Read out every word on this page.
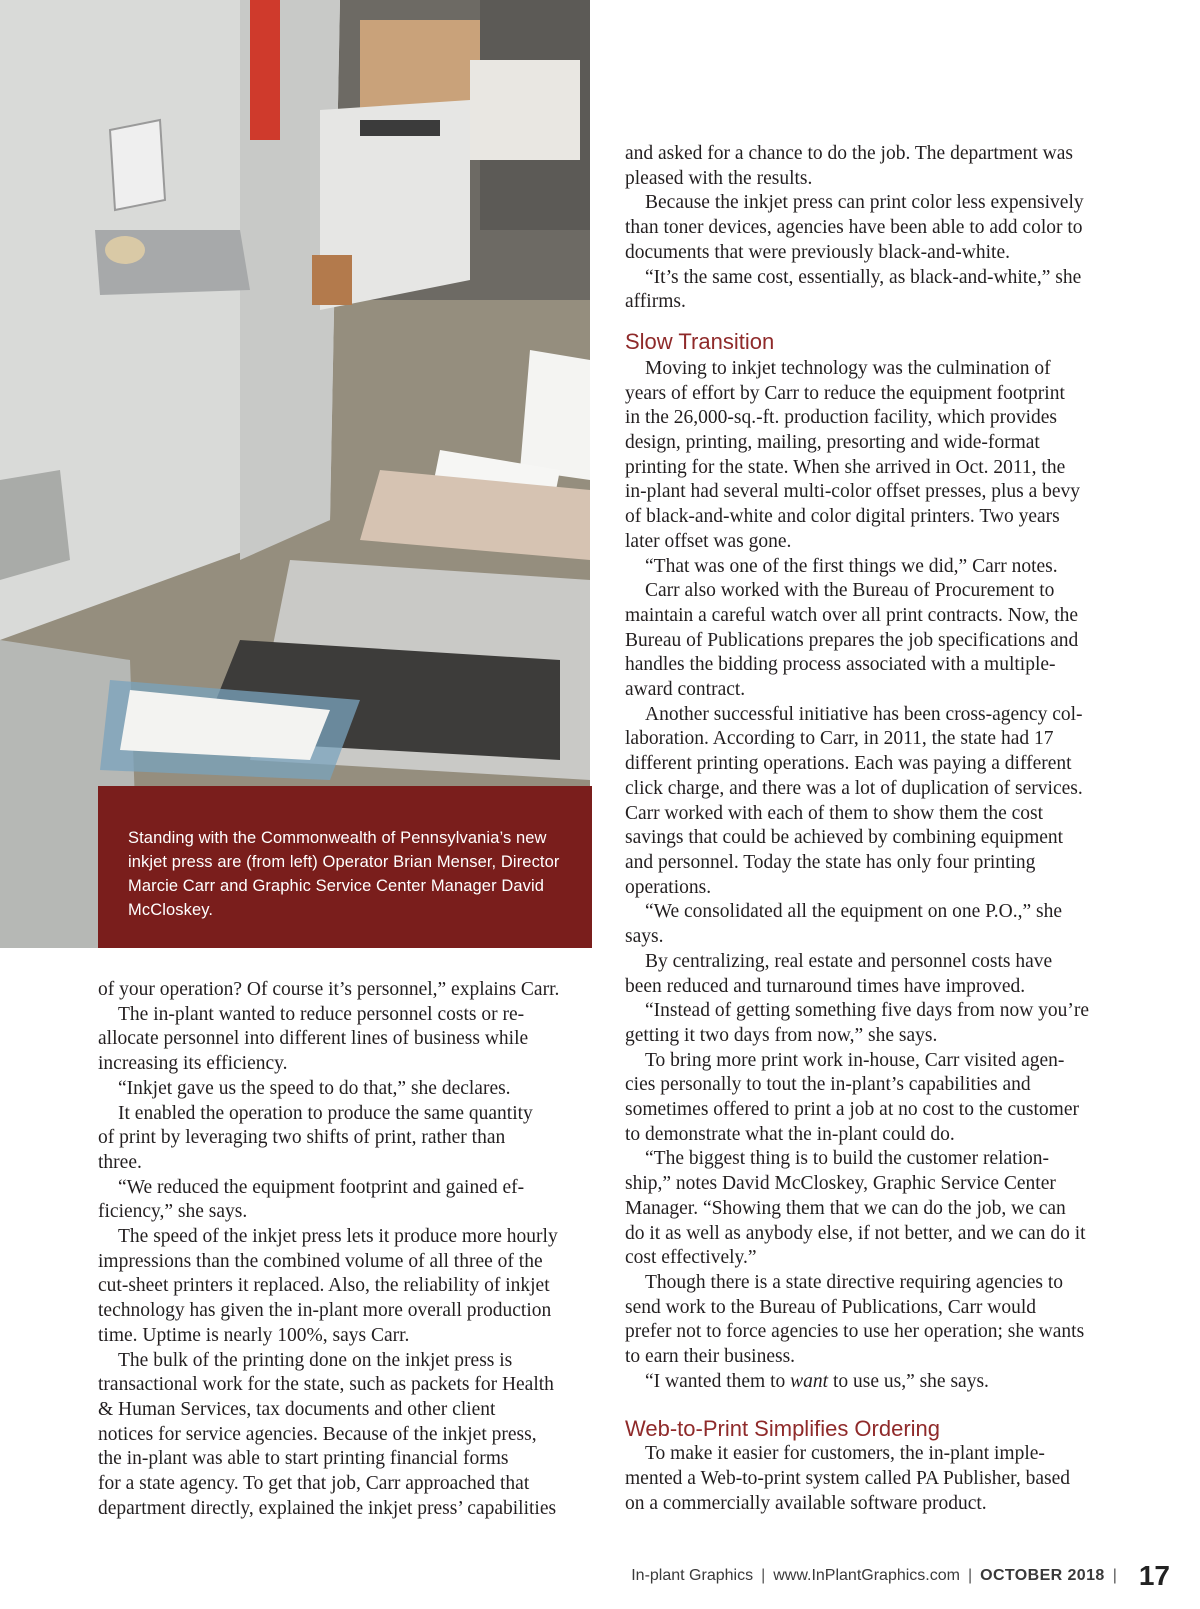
Standing with the Commonwealth of Pennsylvania’s new inkjet press are (from left) Operator Brian Menser, Director Marcie Carr and Graphic Service Center Manager David McCloskey.

of your operation? Of course it’s personnel,” explains Carr.

The in-plant wanted to reduce personnel costs or re-

allocate personnel into different lines of business while

increasing its efficiency.

“Inkjet gave us the speed to do that,” she declares.

It enabled the operation to produce the same quantity

of print by leveraging two shifts of print, rather than

three.

“We reduced the equipment footprint and gained ef-

ficiency,” she says.

The speed of the inkjet press lets it produce more hourly

impressions than the combined volume of all three of the

cut-sheet printers it replaced. Also, the reliability of inkjet

technology has given the in-plant more overall production

time. Uptime is nearly 100%, says Carr.

The bulk of the printing done on the inkjet press is

transactional work for the state, such as packets for Health

& Human Services, tax documents and other client

notices for service agencies. Because of the inkjet press,

the in-plant was able to start printing financial forms

for a state agency. To get that job, Carr approached that

department directly, explained the inkjet press’ capabilities

and asked for a chance to do the job. The department was

pleased with the results.

Because the inkjet press can print color less expensively

than toner devices, agencies have been able to add color to

documents that were previously black-and-white.

“It’s the same cost, essentially, as black-and-white,” she

affirms.

Slow Transition

Moving to inkjet technology was the culmination of

years of effort by Carr to reduce the equipment footprint

in the 26,000-sq.-ft. production facility, which provides

design, printing, mailing, presorting and wide-format

printing for the state. When she arrived in Oct. 2011, the

in-plant had several multi-color offset presses, plus a bevy

of black-and-white and color digital printers. Two years

later offset was gone.

“That was one of the first things we did,” Carr notes.

Carr also worked with the Bureau of Procurement to

maintain a careful watch over all print contracts. Now, the

Bureau of Publications prepares the job specifications and

handles the bidding process associated with a multiple-

award contract.

Another successful initiative has been cross-agency col-

laboration. According to Carr, in 2011, the state had 17

different printing operations. Each was paying a different

click charge, and there was a lot of duplication of services.

Carr worked with each of them to show them the cost

savings that could be achieved by combining equipment

and personnel. Today the state has only four printing

operations.

“We consolidated all the equipment on one P.O.,” she

says.

By centralizing, real estate and personnel costs have

been reduced and turnaround times have improved.

“Instead of getting something five days from now you’re

getting it two days from now,” she says.

To bring more print work in-house, Carr visited agen-

cies personally to tout the in-plant’s capabilities and

sometimes offered to print a job at no cost to the customer

to demonstrate what the in-plant could do.

“The biggest thing is to build the customer relation-

ship,” notes David McCloskey, Graphic Service Center

Manager. “Showing them that we can do the job, we can

do it as well as anybody else, if not better, and we can do it

cost effectively.”

Though there is a state directive requiring agencies to

send work to the Bureau of Publications, Carr would

prefer not to force agencies to use her operation; she wants

to earn their business.

“I wanted them to want to use us,” she says.

Web-to-Print Simplifies Ordering

To make it easier for customers, the in-plant imple-

mented a Web-to-print system called PA Publisher, based

on a commercially available software product.

In-plant Graphics | www.InPlantGraphics.com | OCTOBER 2018 | 17
